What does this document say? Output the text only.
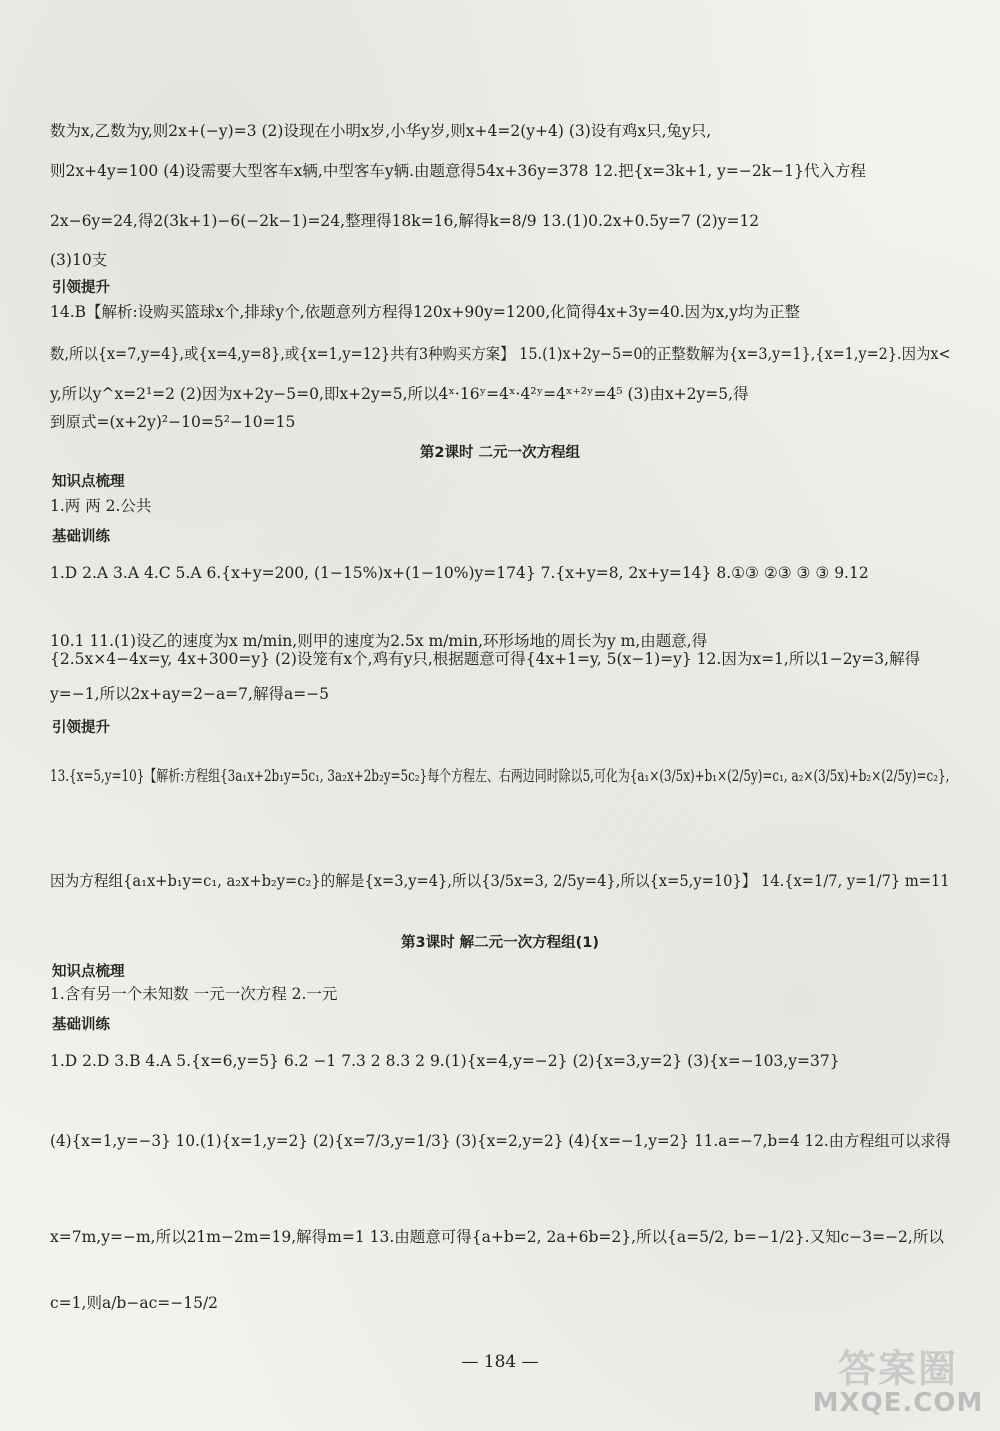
数为x,乙数为y,则2x+(−y)=3 (2)设现在小明x岁,小华y岁,则x+4=2(y+4) (3)设有鸡x只,兔y只,
则2x+4y=100 (4)设需要大型客车x辆,中型客车y辆.由题意得54x+36y=378 12.把{x=3k+1, y=−2k−1}代入方程
2x−6y=24,得2(3k+1)−6(−2k−1)=24,整理得18k=16,解得k=8/9 13.(1)0.2x+0.5y=7 (2)y=12
(3)10支
14.B【解析:设购买篮球x个,排球y个,依题意列方程得120x+90y=1200,化简得4x+3y=40.因为x,y均为正整
数,所以{x=7,y=4},或{x=4,y=8},或{x=1,y=12}共有3种购买方案】 15.(1)x+2y−5=0的正整数解为{x=3,y=1},{x=1,y=2}.因为x<
y,所以y^x=2¹=2 (2)因为x+2y−5=0,即x+2y=5,所以4ˣ·16ʸ=4ˣ·4²ʸ=4ˣ⁺²ʸ=4⁵ (3)由x+2y=5,得
到原式=(x+2y)²−10=5²−10=15
1.两 两 2.公共
1.D 2.A 3.A 4.C 5.A 6.{x+y=200, (1−15%)x+(1−10%)y=174} 7.{x+y=8, 2x+y=14} 8.①③ ②③ ③ ③ 9.12
10.1 11.(1)设乙的速度为x m/min,则甲的速度为2.5x m/min,环形场地的周长为y m,由题意,得
{2.5x×4−4x=y, 4x+300=y} (2)设笼有x个,鸡有y只,根据题意可得{4x+1=y, 5(x−1)=y} 12.因为x=1,所以1−2y=3,解得
y=−1,所以2x+ay=2−a=7,解得a=−5
13.{x=5,y=10}【解析:方程组{3a₁x+2b₁y=5c₁, 3a₂x+2b₂y=5c₂}每个方程左、右两边同时除以5,可化为{a₁×(3/5x)+b₁×(2/5y)=c₁, a₂×(3/5x)+b₂×(2/5y)=c₂},
因为方程组{a₁x+b₁y=c₁, a₂x+b₂y=c₂}的解是{x=3,y=4},所以{3/5x=3, 2/5y=4},所以{x=5,y=10}】 14.{x=1/7, y=1/7} m=11
1.含有另一个未知数 一元一次方程 2.一元
1.D 2.D 3.B 4.A 5.{x=6,y=5} 6.2 −1 7.3 2 8.3 2 9.(1){x=4,y=−2} (2){x=3,y=2} (3){x=−103,y=37}
(4){x=1,y=−3} 10.(1){x=1,y=2} (2){x=7/3,y=1/3} (3){x=2,y=2} (4){x=−1,y=2} 11.a=−7,b=4 12.由方程组可以求得
x=7m,y=−m,所以21m−2m=19,解得m=1 13.由题意可得{a+b=2, 2a+6b=2},所以{a=5/2, b=−1/2}.又知c−3=−2,所以
c=1,则a/b−ac=−15/2
引领提升
知识点梳理
基础训练
引领提升
知识点梳理
基础训练
第2课时 二元一次方程组
第3课时 解二元一次方程组(1)
— 184 —	答案圈
MXQE.COM
